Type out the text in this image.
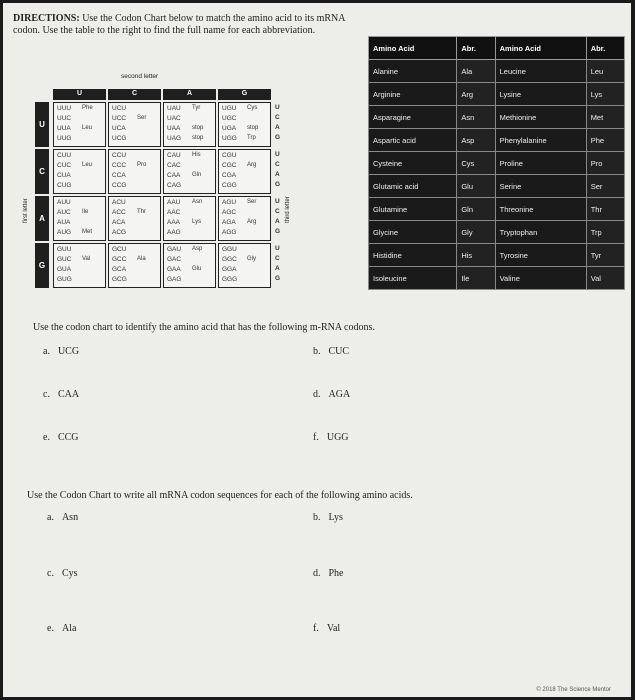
DIRECTIONS: Use the Codon Chart below to match the amino acid to its mRNA codon. Use the table to the right to find the full name for each abbreviation.
second letter
first letter	third letter
U	C	A	G
U
UUU Phe
UUC
UUA Leu
UUG
UCU
UCC Ser
UCA
UCG
UAU Tyr
UAC
UAA stop
UAG stop
UGU Cys
UGC
UGA stop
UGG Trp
U
C
A
G
C
CUU
CUC Leu
CUA
CUG
CCU
CCC Pro
CCA
CCG
CAU His
CAC
CAA Gln
CAG
CGU
CGC Arg
CGA
CGG
U
C
A
G
A
AUU
AUC Ile
AUA
AUG Met
ACU
ACC Thr
ACA
ACG
AAU Asn
AAC
AAA Lys
AAG
AGU Ser
AGC
AGA Arg
AGG
U
C
A
G
G
GUU
GUC Val
GUA
GUG
GCU
GCC Ala
GCA
GCG
GAU Asp
GAC
GAA Glu
GAG
GGU
GGC Gly
GGA
GGG
U
C
A
G
Amino Acid	Abr.	Amino Acid	Abr.
Alanine	Ala	Leucine	Leu
Arginine	Arg	Lysine	Lys
Asparagine	Asn	Methionine	Met
Aspartic acid	Asp	Phenylalanine	Phe
Cysteine	Cys	Proline	Pro
Glutamic acid	Glu	Serine	Ser
Glutamine	Gln	Threonine	Thr
Glycine	Gly	Tryptophan	Trp
Histidine	His	Tyrosine	Tyr
Isoleucine	Ile	Valine	Val
Use the codon chart to identify the amino acid that has the following m-RNA codons.
a. UCG	b. CUC
c. CAA	d. AGA
e. CCG	f. UGG
Use the Codon Chart to write all mRNA codon sequences for each of the following amino acids.
a. Asn	b. Lys
c. Cys	d. Phe
e. Ala	f. Val
© 2018 The Science Mentor
